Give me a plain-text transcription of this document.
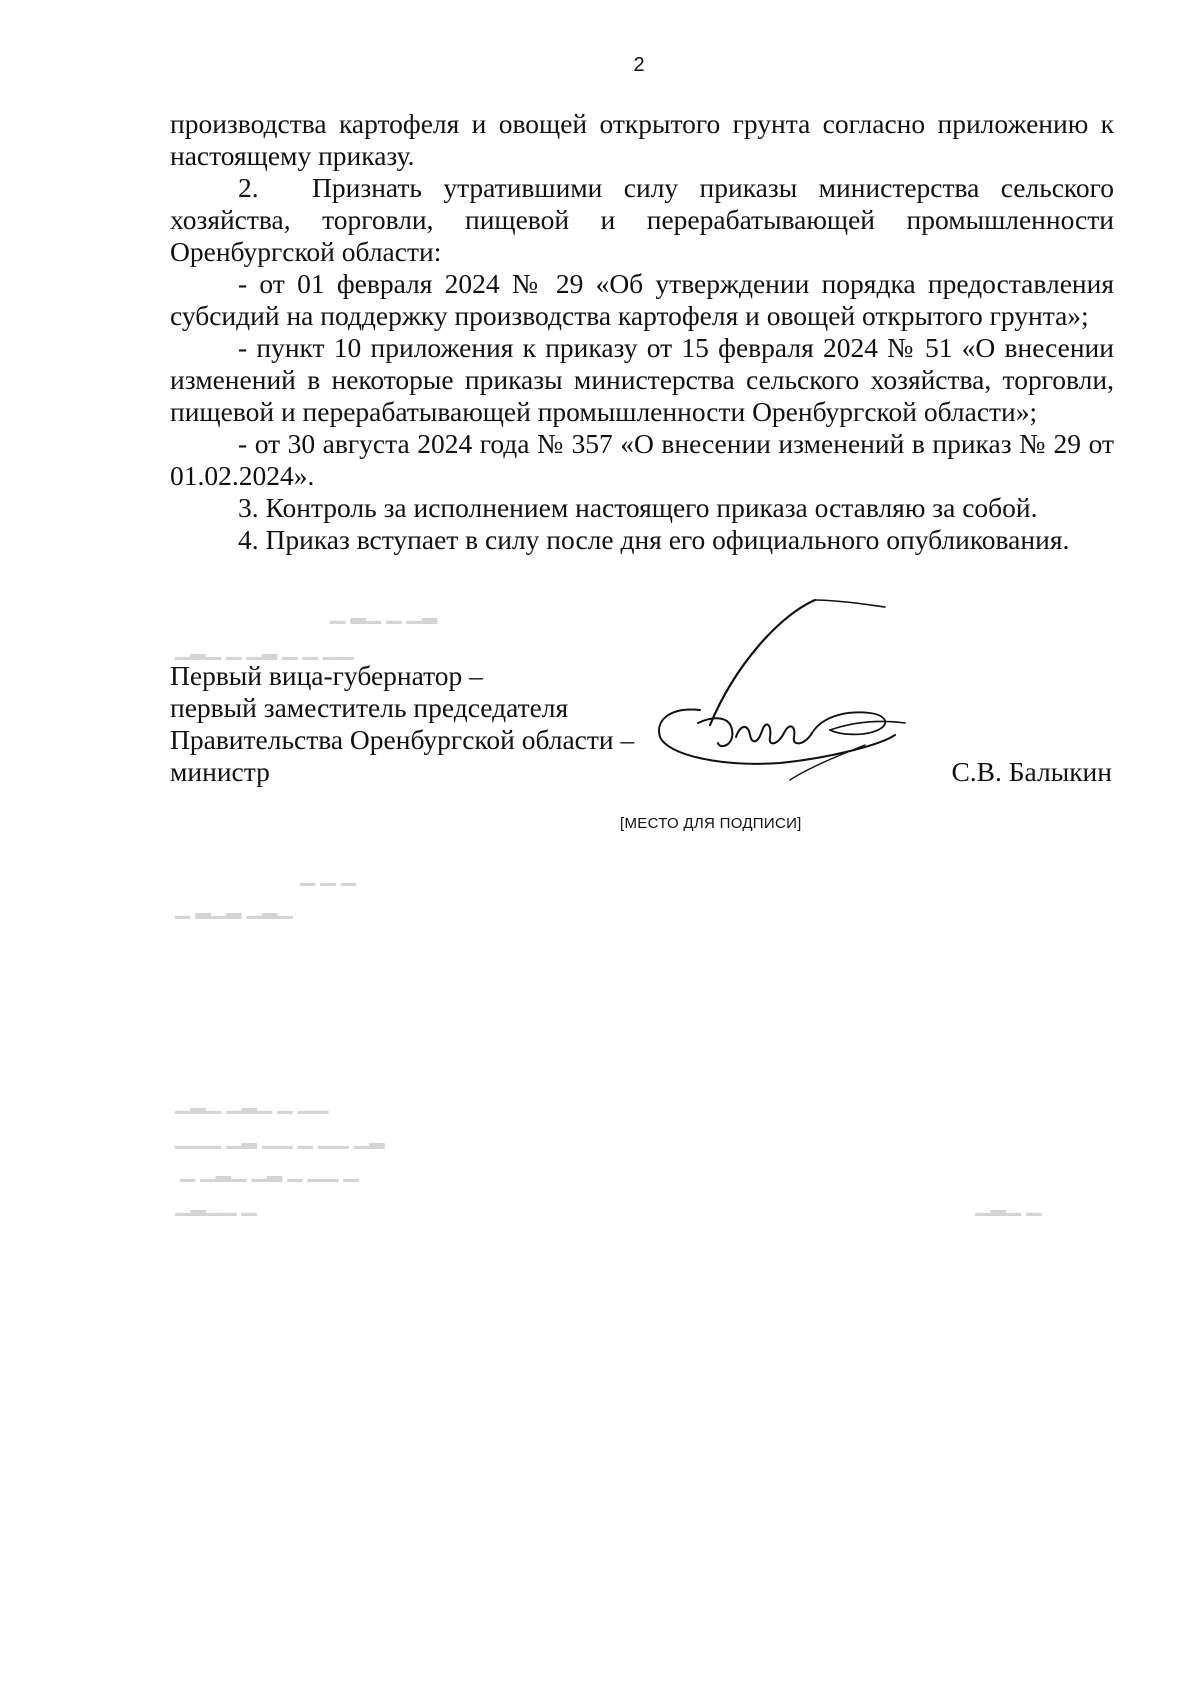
2

производства картофеля и овощей открытого грунта согласно приложению к настоящему приказу.

2. Признать утратившими силу приказы министерства сельского хозяйства, торговли, пищевой и перерабатывающей промышленности Оренбургской области:

- от 01 февраля 2024 № 29 «Об утверждении порядка предоставления субсидий на поддержку производства картофеля и овощей открытого грунта»;

- пункт 10 приложения к приказу от 15 февраля 2024 № 51 «О внесении изменений в некоторые приказы министерства сельского хозяйства, торговли, пищевой и перерабатывающей промышленности Оренбургской области»;

- от 30 августа 2024 года № 357 «О внесении изменений в приказ № 29 от 01.02.2024».

3. Контроль за исполнением настоящего приказа оставляю за собой.

4. Приказ вступает в силу после дня его официального опубликования.

▁ ▂▁ ▁ ▁▂
▁▂▁ ▁ ▁▂ ▁ ▁ ▁▁
▁ ▁ ▁
▁ ▂▁▂ ▁▂▁
▁▂▁ ▁▂▁ ▁ ▁▁
▁▁▁ ▁▂ ▁▁ ▁ ▁▁ ▁▂
▁ ▁▂▁ ▁▂ ▁ ▁▁ ▁
▁▂▁▁ ▁	▁▂▁ ▁
Первый вица-губернатор –
первый заместитель председателя
Правительства Оренбургской области –
министр	С.В. Балыкин
[МЕСТО ДЛЯ ПОДПИСИ]
